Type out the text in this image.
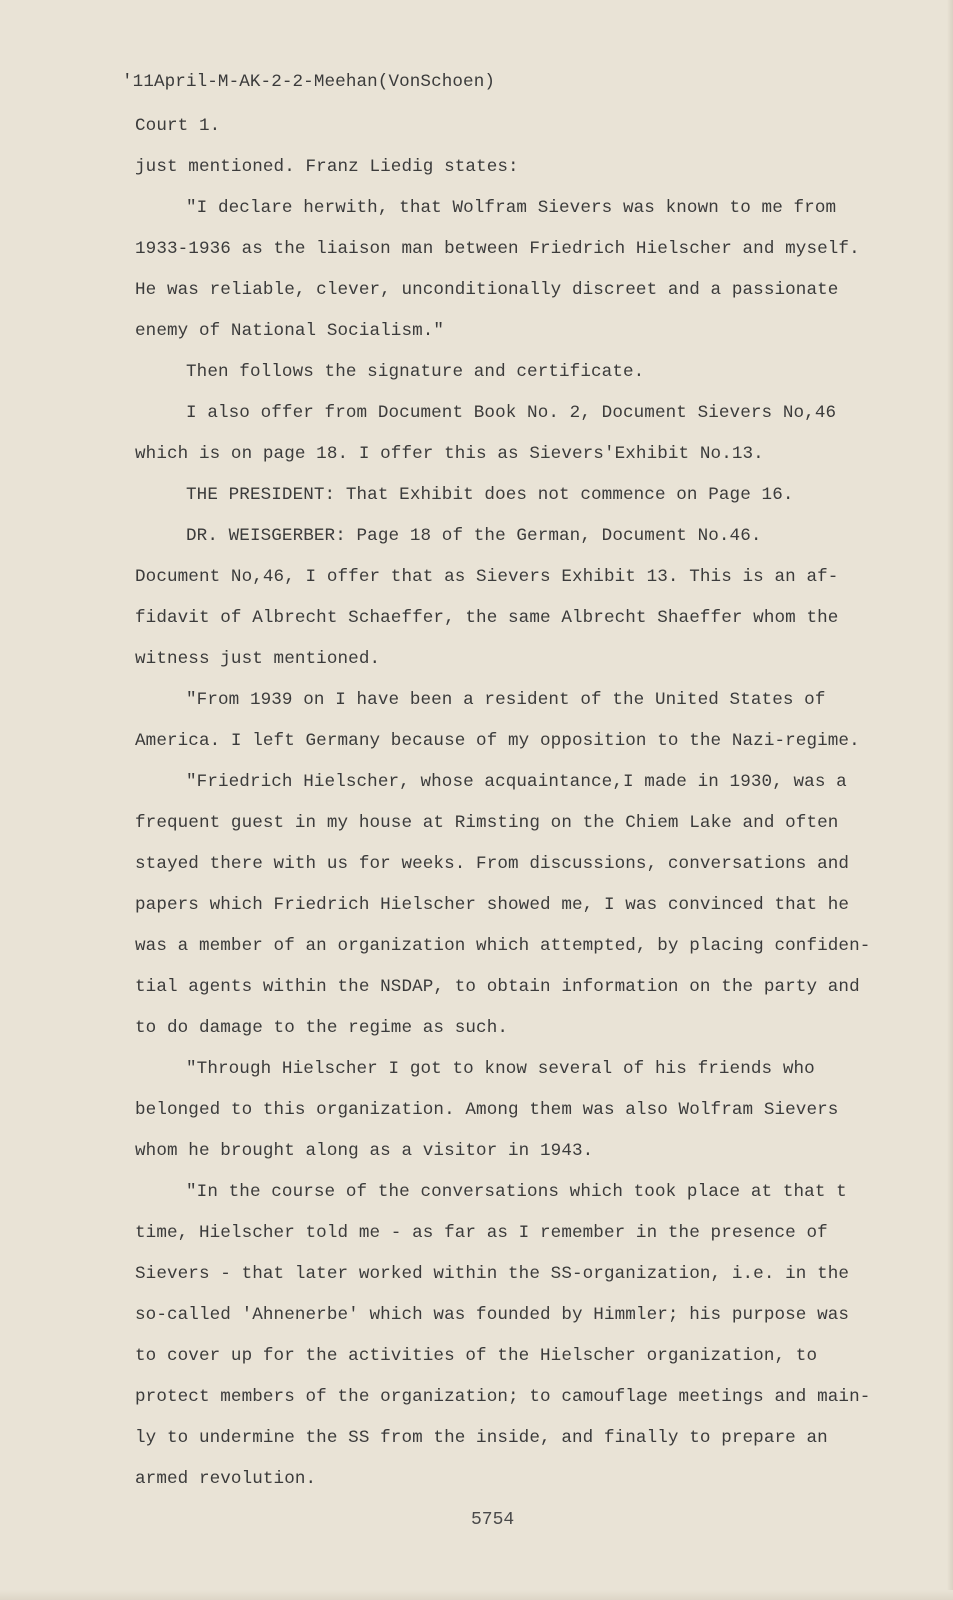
'11April-M-AK-2-2-Meehan(VonSchoen)
Court 1.
just mentioned. Franz Liedig states:
"I declare herwith, that Wolfram Sievers was known to me from
1933-1936 as the liaison man between Friedrich Hielscher and myself.
He was reliable, clever, unconditionally discreet and a passionate
enemy of National Socialism."
Then follows the signature and certificate.
I also offer from Document Book No. 2, Document Sievers No,46
which is on page 18. I offer this as Sievers'Exhibit No.13.
THE PRESIDENT: That Exhibit does not commence on Page 16.
DR. WEISGERBER: Page 18 of the German, Document No.46.
Document No,46, I offer that as Sievers Exhibit 13. This is an af-
fidavit of Albrecht Schaeffer, the same Albrecht Shaeffer whom the
witness just mentioned.
"From 1939 on I have been a resident of the United States of
America. I left Germany because of my opposition to the Nazi-regime.
"Friedrich Hielscher, whose acquaintance,I made in 1930, was a
frequent guest in my house at Rimsting on the Chiem Lake and often
stayed there with us for weeks. From discussions, conversations and
papers which Friedrich Hielscher showed me, I was convinced that he
was a member of an organization which attempted, by placing confiden-
tial agents within the NSDAP, to obtain information on the party and
to do damage to the regime as such.
"Through Hielscher I got to know several of his friends who
belonged to this organization. Among them was also Wolfram Sievers
whom he brought along as a visitor in 1943.
"In the course of the conversations which took place at that t
time, Hielscher told me - as far as I remember in the presence of
Sievers - that later worked within the SS-organization, i.e. in the
so-called 'Ahnenerbe' which was founded by Himmler; his purpose was
to cover up for the activities of the Hielscher organization, to
protect members of the organization; to camouflage meetings and main-
ly to undermine the SS from the inside, and finally to prepare an
armed revolution.
5754
